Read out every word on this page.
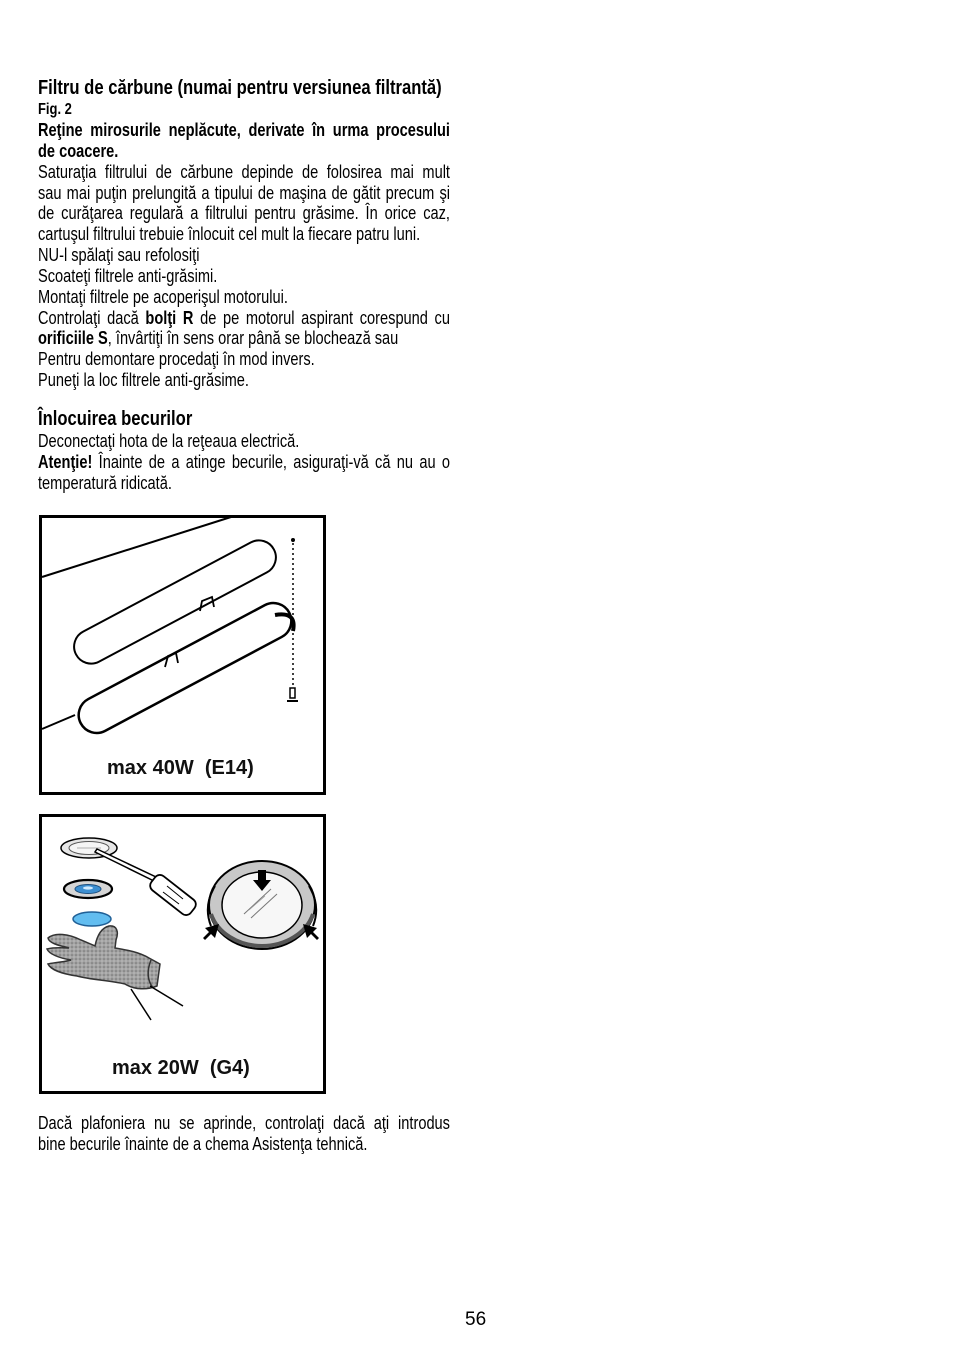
Filtru de cărbune (numai pentru versiunea filtrantă)
Fig. 2
Reţine mirosurile neplăcute, derivate în urma procesului
de coacere.
Saturaţia filtrului de cărbune depinde de folosirea mai mult
sau mai puţin prelungită a tipului de maşina de gătit precum şi
de curăţarea regulară a filtrului pentru grăsime. În orice caz,
cartuşul filtrului trebuie înlocuit cel mult la fiecare patru luni.
NU-l spălaţi sau refolosiţi
Scoateţi filtrele anti-grăsimi.
Montaţi filtrele pe acoperişul motorului.
Controlaţi dacă bolţi R de pe motorul aspirant corespund cu
orificiile S, învârtiţi în sens orar până se blochează sau
Pentru demontare procedaţi în mod invers.
Puneţi la loc filtrele anti-grăsime.
Înlocuirea becurilor
Deconectaţi hota de la reţeaua electrică.
Atenţie! Înainte de a atinge becurile, asiguraţi-vă că nu au o
temperatură ridicată.
max 40W  (E14)
max 20W  (G4)
Dacă plafoniera nu se aprinde, controlaţi dacă aţi introdus
bine becurile înainte de a chema Asistenţa tehnică.
56
